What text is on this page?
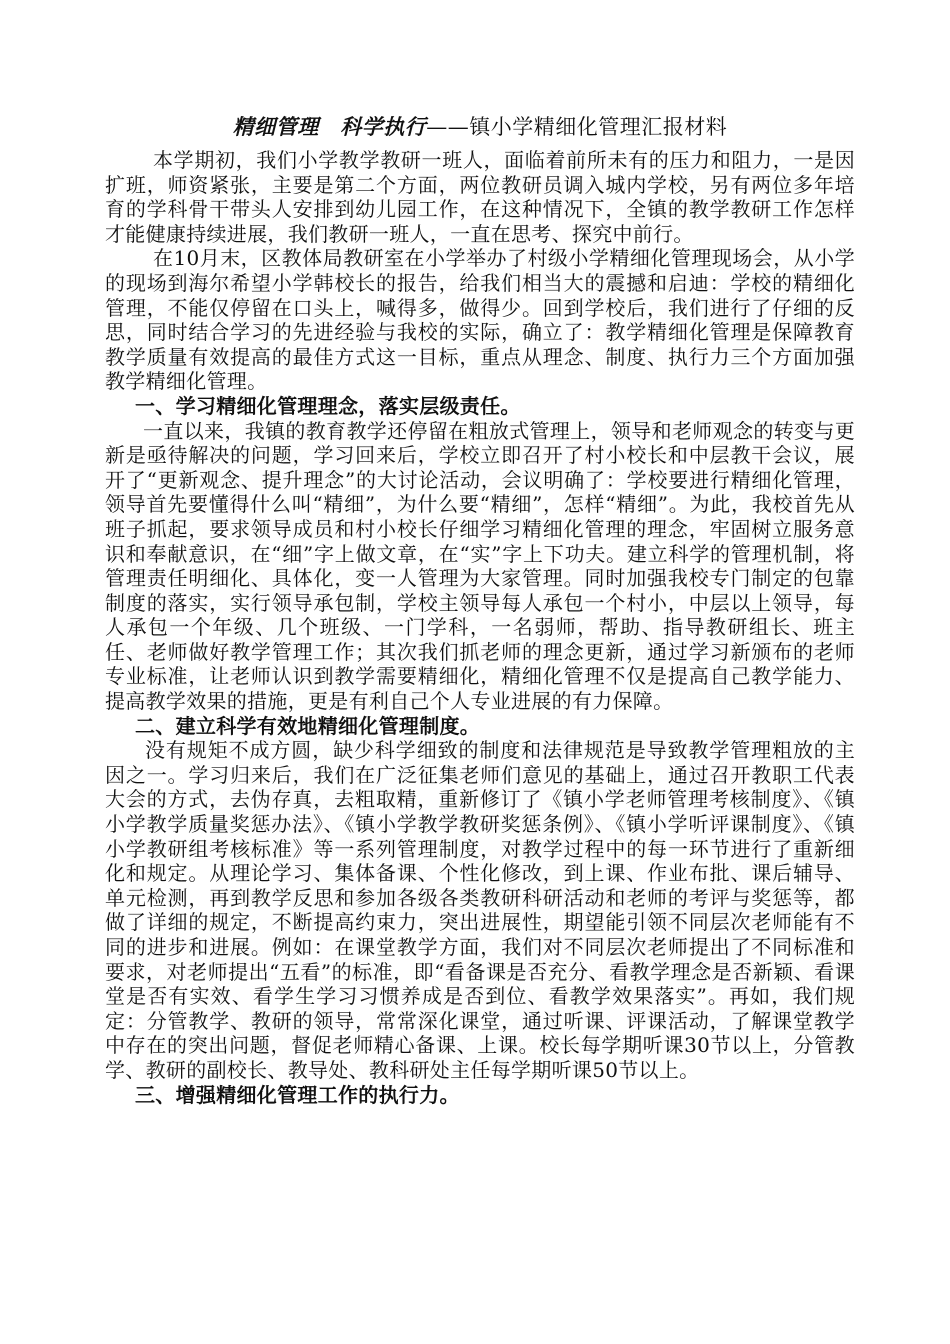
精细管理　科学执行——镇小学精细化管理汇报材料

本学期初，我们小学教学教研一班人，面临着前所未有的压力和阻力，一是因扩班，师资紧张，主要是第二个方面，两位教研员调入城内学校，另有两位多年培育的学科骨干带头人安排到幼儿园工作，在这种情况下，全镇的教学教研工作怎样才能健康持续进展，我们教研一班人，一直在思考、探究中前行。

在10月末，区教体局教研室在小学举办了村级小学精细化管理现场会，从小学的现场到海尔希望小学韩校长的报告，给我们相当大的震撼和启迪：学校的精细化管理，不能仅停留在口头上，喊得多，做得少。回到学校后，我们进行了仔细的反思，同时结合学习的先进经验与我校的实际，确立了：教学精细化管理是保障教育教学质量有效提高的最佳方式这一目标，重点从理念、制度、执行力三个方面加强教学精细化管理。

一、学习精细化管理理念，落实层级责任。

一直以来，我镇的教育教学还停留在粗放式管理上，领导和老师观念的转变与更新是亟待解决的问题，学习回来后，学校立即召开了村小校长和中层教干会议，展开了“更新观念、提升理念”的大讨论活动，会议明确了：学校要进行精细化管理，领导首先要懂得什么叫“精细”，为什么要“精细”，怎样“精细”。为此，我校首先从班子抓起，要求领导成员和村小校长仔细学习精细化管理的理念，牢固树立服务意识和奉献意识，在“细”字上做文章，在“实”字上下功夫。建立科学的管理机制，将管理责任明细化、具体化，变一人管理为大家管理。同时加强我校专门制定的包靠制度的落实，实行领导承包制，学校主领导每人承包一个村小，中层以上领导，每人承包一个年级、几个班级、一门学科，一名弱师，帮助、指导教研组长、班主任、老师做好教学管理工作；其次我们抓老师的理念更新，通过学习新颁布的老师专业标准，让老师认识到教学需要精细化，精细化管理不仅是提高自己教学能力、提高教学效果的措施，更是有利自己个人专业进展的有力保障。

二、建立科学有效地精细化管理制度。

没有规矩不成方圆，缺少科学细致的制度和法律规范是导致教学管理粗放的主因之一。学习归来后，我们在广泛征集老师们意见的基础上，通过召开教职工代表大会的方式，去伪存真，去粗取精，重新修订了《镇小学老师管理考核制度》、《镇小学教学质量奖惩办法》、《镇小学教学教研奖惩条例》、《镇小学听评课制度》、《镇小学教研组考核标准》等一系列管理制度，对教学过程中的每一环节进行了重新细化和规定。从理论学习、集体备课、个性化修改，到上课、作业布批、课后辅导、单元检测，再到教学反思和参加各级各类教研科研活动和老师的考评与奖惩等，都做了详细的规定，不断提高约束力，突出进展性，期望能引领不同层次老师能有不同的进步和进展。例如：在课堂教学方面，我们对不同层次老师提出了不同标准和要求，对老师提出“五看”的标准，即“看备课是否充分、看教学理念是否新颖、看课堂是否有实效、看学生学习习惯养成是否到位、看教学效果落实”。再如，我们规定：分管教学、教研的领导，常常深化课堂，通过听课、评课活动，了解课堂教学中存在的突出问题，督促老师精心备课、上课。校长每学期听课30节以上，分管教学、教研的副校长、教导处、教科研处主任每学期听课50节以上。

三、增强精细化管理工作的执行力。
